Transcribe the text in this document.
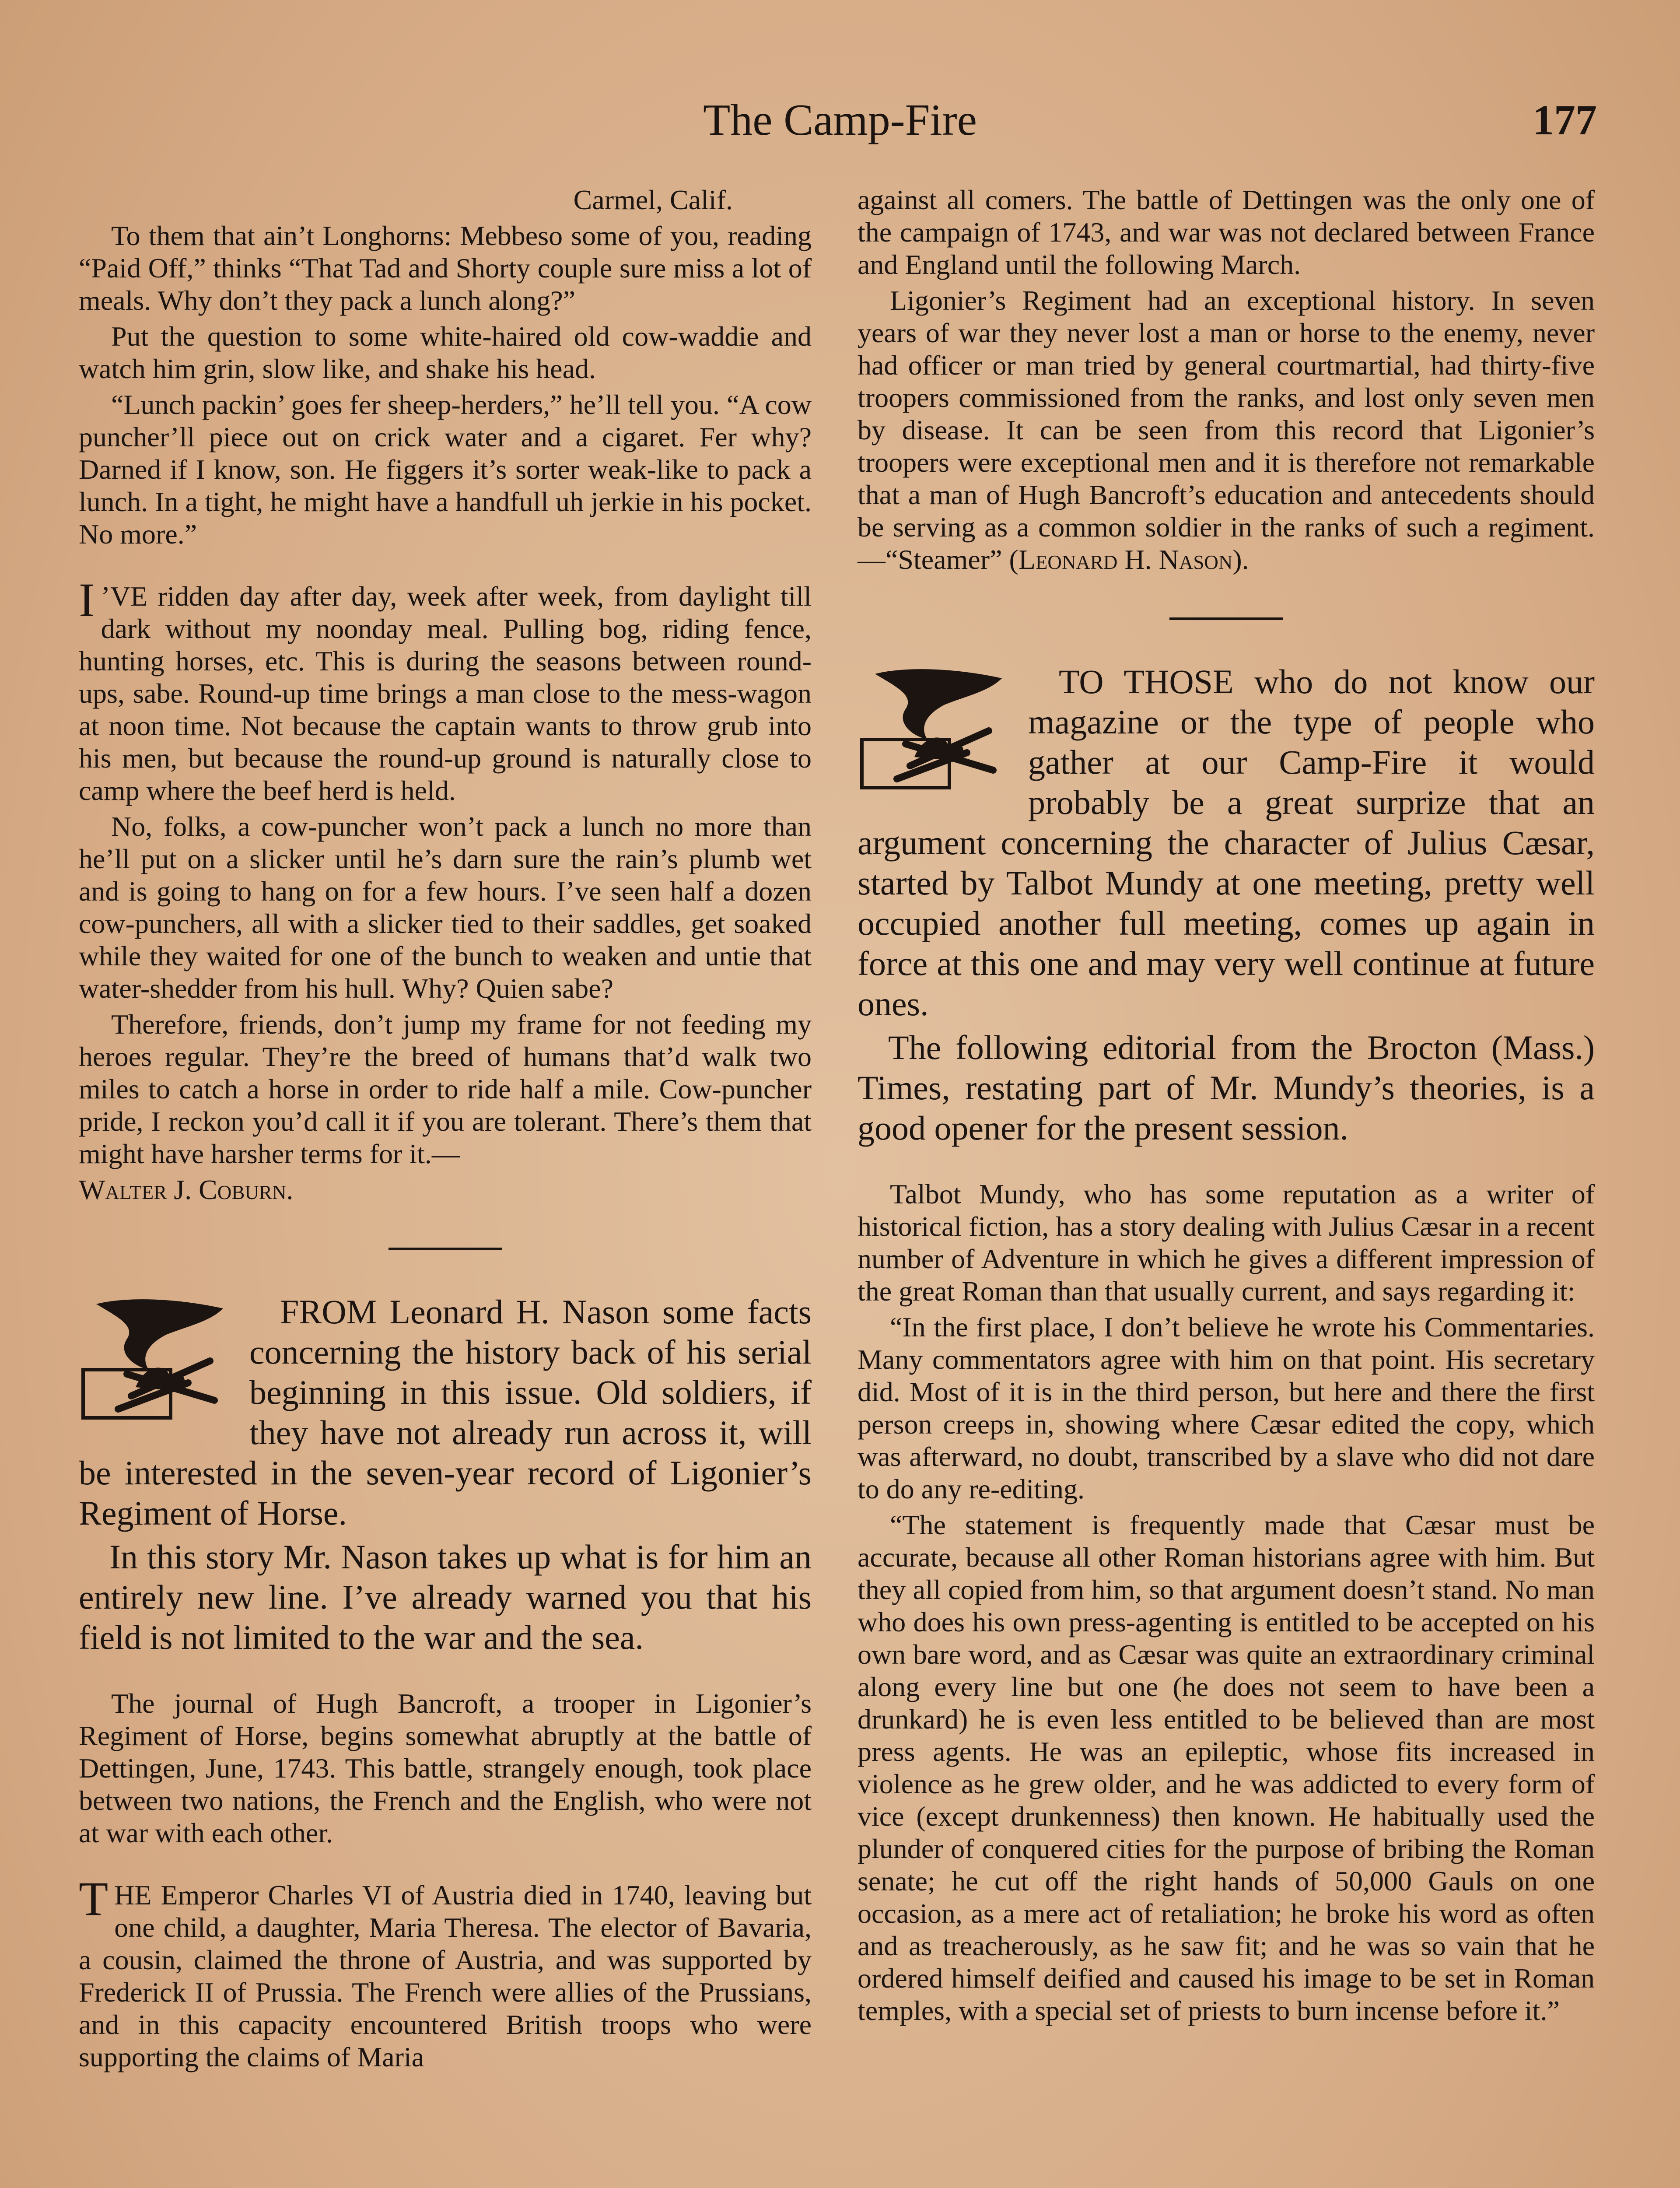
The Camp-Fire	177

Carmel, Calif.

To them that ain’t Longhorns: Mebbeso some of you, reading “Paid Off,” thinks “That Tad and Shorty couple sure miss a lot of meals. Why don’t they pack a lunch along?”

Put the question to some white-haired old cow-waddie and watch him grin, slow like, and shake his head.

“Lunch packin’ goes fer sheep-herders,” he’ll tell you. “A cow puncher’ll piece out on crick water and a cigaret. Fer why? Darned if I know, son. He figgers it’s sorter weak-like to pack a lunch. In a tight, he might have a handfull uh jerkie in his pocket. No more.”

I ’VE ridden day after day, week after week, from daylight till dark without my noonday meal. Pulling bog, riding fence, hunting horses, etc. This is during the seasons between round-ups, sabe. Round-up time brings a man close to the mess-wagon at noon time. Not because the captain wants to throw grub into his men, but because the round-up ground is naturally close to camp where the beef herd is held.

No, folks, a cow-puncher won’t pack a lunch no more than he’ll put on a slicker until he’s darn sure the rain’s plumb wet and is going to hang on for a few hours. I’ve seen half a dozen cow-punchers, all with a slicker tied to their saddles, get soaked while they waited for one of the bunch to weaken and untie that water-shedder from his hull. Why? Quien sabe?

Therefore, friends, don’t jump my frame for not feeding my heroes regular. They’re the breed of humans that’d walk two miles to catch a horse in order to ride half a mile. Cow-puncher pride, I reckon you’d call it if you are tolerant. There’s them that might have harsher terms for it.—

Walter J. Coburn.

FROM Leonard H. Nason some facts concerning the history back of his serial beginning in this issue. Old soldiers, if they have not already run across it, will be interested in the seven-year record of Ligonier’s Regiment of Horse.

In this story Mr. Nason takes up what is for him an entirely new line. I’ve already warned you that his field is not limited to the war and the sea.

The journal of Hugh Bancroft, a trooper in Ligonier’s Regiment of Horse, begins somewhat abruptly at the battle of Dettingen, June, 1743. This battle, strangely enough, took place between two nations, the French and the English, who were not at war with each other.

THE Emperor Charles VI of Austria died in 1740, leaving but one child, a daughter, Maria Theresa. The elector of Bavaria, a cousin, claimed the throne of Austria, and was supported by Frederick II of Prussia. The French were allies of the Prussians, and in this capacity encountered British troops who were supporting the claims of Maria

against all comers. The battle of Dettingen was the only one of the campaign of 1743, and war was not declared between France and England until the following March.

Ligonier’s Regiment had an exceptional history. In seven years of war they never lost a man or horse to the enemy, never had officer or man tried by general courtmartial, had thirty-five troopers commissioned from the ranks, and lost only seven men by disease. It can be seen from this record that Ligonier’s troopers were exceptional men and it is therefore not remarkable that a man of Hugh Bancroft’s education and antecedents should be serving as a common soldier in the ranks of such a regiment.—“Steamer” (Leonard H. Nason).

TO THOSE who do not know our magazine or the type of people who gather at our Camp-Fire it would probably be a great surprize that an argument concerning the character of Julius Cæsar, started by Talbot Mundy at one meeting, pretty well occupied another full meeting, comes up again in force at this one and may very well continue at future ones.

The following editorial from the Brocton (Mass.) Times, restating part of Mr. Mundy’s theories, is a good opener for the present session.

Talbot Mundy, who has some reputation as a writer of historical fiction, has a story dealing with Julius Cæsar in a recent number of Adventure in which he gives a different impression of the great Roman than that usually current, and says regarding it:

“In the first place, I don’t believe he wrote his Commentaries. Many commentators agree with him on that point. His secretary did. Most of it is in the third person, but here and there the first person creeps in, showing where Cæsar edited the copy, which was afterward, no doubt, transcribed by a slave who did not dare to do any re-editing.

“The statement is frequently made that Cæsar must be accurate, because all other Roman historians agree with him. But they all copied from him, so that argument doesn’t stand. No man who does his own press-agenting is entitled to be accepted on his own bare word, and as Cæsar was quite an extraordinary criminal along every line but one (he does not seem to have been a drunkard) he is even less entitled to be believed than are most press agents. He was an epileptic, whose fits increased in violence as he grew older, and he was addicted to every form of vice (except drunkenness) then known. He habitually used the plunder of conquered cities for the purpose of bribing the Roman senate; he cut off the right hands of 50,000 Gauls on one occasion, as a mere act of retaliation; he broke his word as often and as treacherously, as he saw fit; and he was so vain that he ordered himself deified and caused his image to be set in Roman temples, with a special set of priests to burn incense before it.”
